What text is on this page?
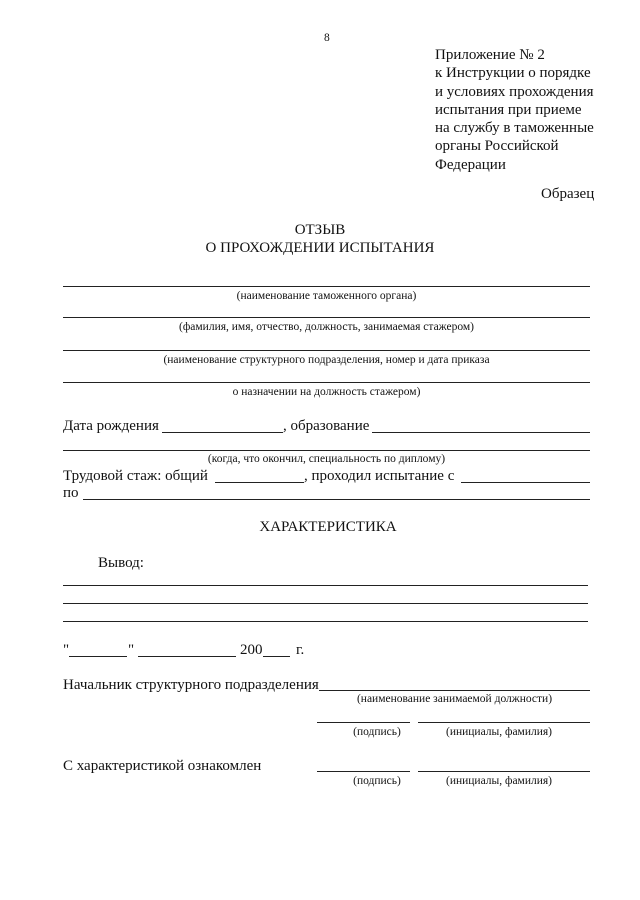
8
Приложение № 2
к Инструкции о порядке
и условиях прохождения
испытания при приеме
на службу в таможенные
органы Российской
Федерации
Образец
ОТЗЫВ
О ПРОХОЖДЕНИИ ИСПЫТАНИЯ
(наименование таможенного органа)
(фамилия, имя, отчество, должность, занимаемая стажером)
(наименование структурного подразделения, номер и дата приказа
о назначении на должность стажером)
Дата рождения	, образование
(когда, что окончил, специальность по диплому)
Трудовой стаж: общий	, проходил испытание с
по
ХАРАКТЕРИСТИКА
Вывод:
"	"	200 г.
Начальник структурного подразделения
(наименование занимаемой должности)
(подпись)	(инициалы, фамилия)
С характеристикой ознакомлен
(подпись)	(инициалы, фамилия)
